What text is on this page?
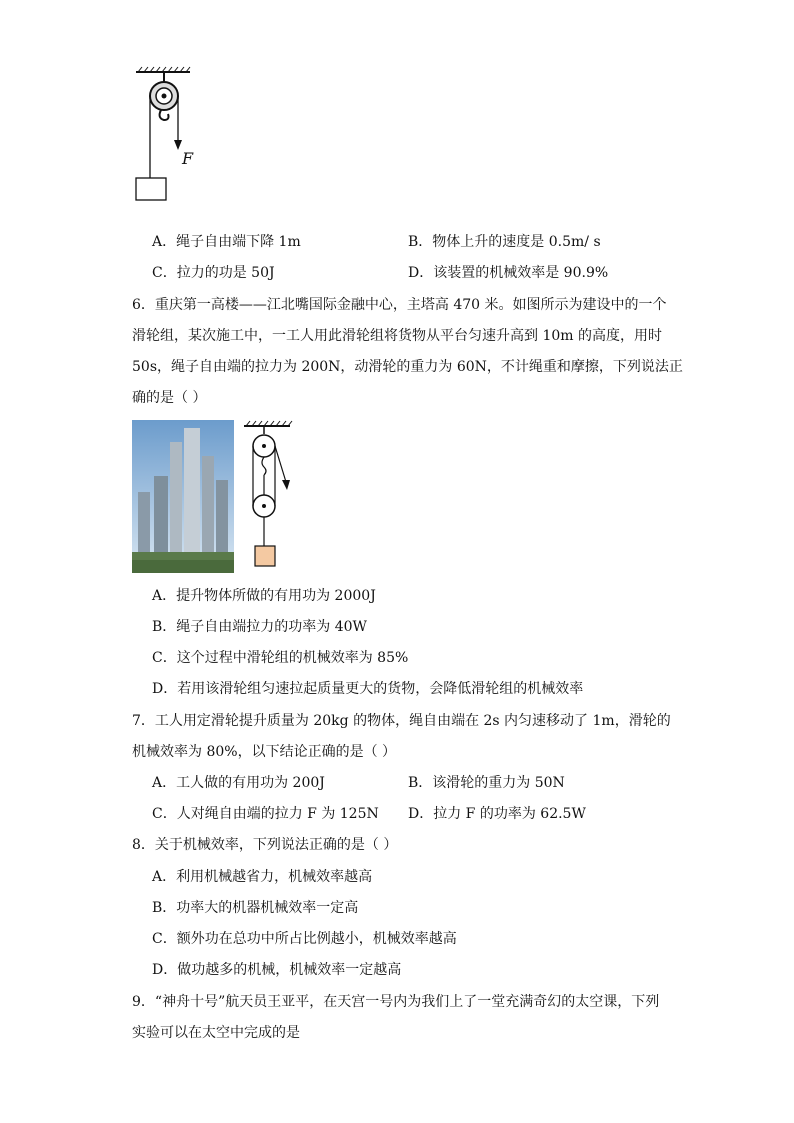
F
A．绳子自由端下降 1m	B．物体上升的速度是 0.5m/ s
C．拉力的功是 50J	D．该装置的机械效率是 90.9%
6．重庆第一高楼——江北嘴国际金融中心，主塔高 470 米。如图所示为建设中的一个
滑轮组，某次施工中，一工人用此滑轮组将货物从平台匀速升高到 10m 的高度，用时
50s，绳子自由端的拉力为 200N，动滑轮的重力为 60N，不计绳重和摩擦，下列说法正
确的是（ ）
A．提升物体所做的有用功为 2000J
B．绳子自由端拉力的功率为 40W
C．这个过程中滑轮组的机械效率为 85%
D．若用该滑轮组匀速拉起质量更大的货物，会降低滑轮组的机械效率
7．工人用定滑轮提升质量为 20kg 的物体，绳自由端在 2s 内匀速移动了 1m，滑轮的
机械效率为 80%，以下结论正确的是（ ）
A．工人做的有用功为 200J	B．该滑轮的重力为 50N
C．人对绳自由端的拉力 F 为 125N D．拉力 F 的功率为 62.5W
8．关于机械效率，下列说法正确的是（ ）
A．利用机械越省力，机械效率越高
B．功率大的机器机械效率一定高
C．额外功在总功中所占比例越小，机械效率越高
D．做功越多的机械，机械效率一定越高
9．“神舟十号”航天员王亚平，在天宫一号内为我们上了一堂充满奇幻的太空课，下列
实验可以在太空中完成的是
